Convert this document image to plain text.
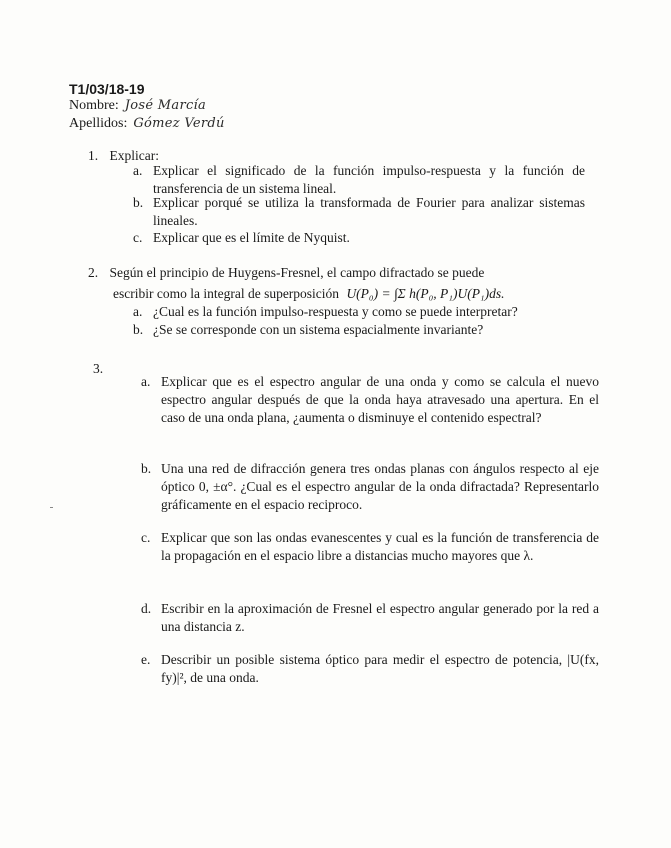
T1/03/18-19
Nombre: José Marcía
Apellidos: Gómez Verdú
1. Explicar:
a. Explicar el significado de la función impulso-respuesta y la función de transferencia de un sistema lineal.
b. Explicar porqué se utiliza la transformada de Fourier para analizar sistemas lineales.
c. Explicar que es el límite de Nyquist.
2. Según el principio de Huygens-Fresnel, el campo difractado se puede
escribir como la integral de superposición U(P₀) = ∫Σ h(P₀, P₁)U(P₁)ds.
a. ¿Cual es la función impulso-respuesta y como se puede interpretar?
b. ¿Se se corresponde con un sistema espacialmente invariante?
3.
a. Explicar que es el espectro angular de una onda y como se calcula el nuevo espectro angular después de que la onda haya atravesado una apertura. En el caso de una onda plana, ¿aumenta o disminuye el contenido espectral?
b. Una una red de difracción genera tres ondas planas con ángulos respecto al eje óptico 0, ±α°. ¿Cual es el espectro angular de la onda difractada? Representarlo gráficamente en el espacio reciproco.
c. Explicar que son las ondas evanescentes y cual es la función de transferencia de la propagación en el espacio libre a distancias mucho mayores que λ.
d. Escribir en la aproximación de Fresnel el espectro angular generado por la red a una distancia z.
e. Describir un posible sistema óptico para medir el espectro de potencia, |U(fx, fy)|², de una onda.
